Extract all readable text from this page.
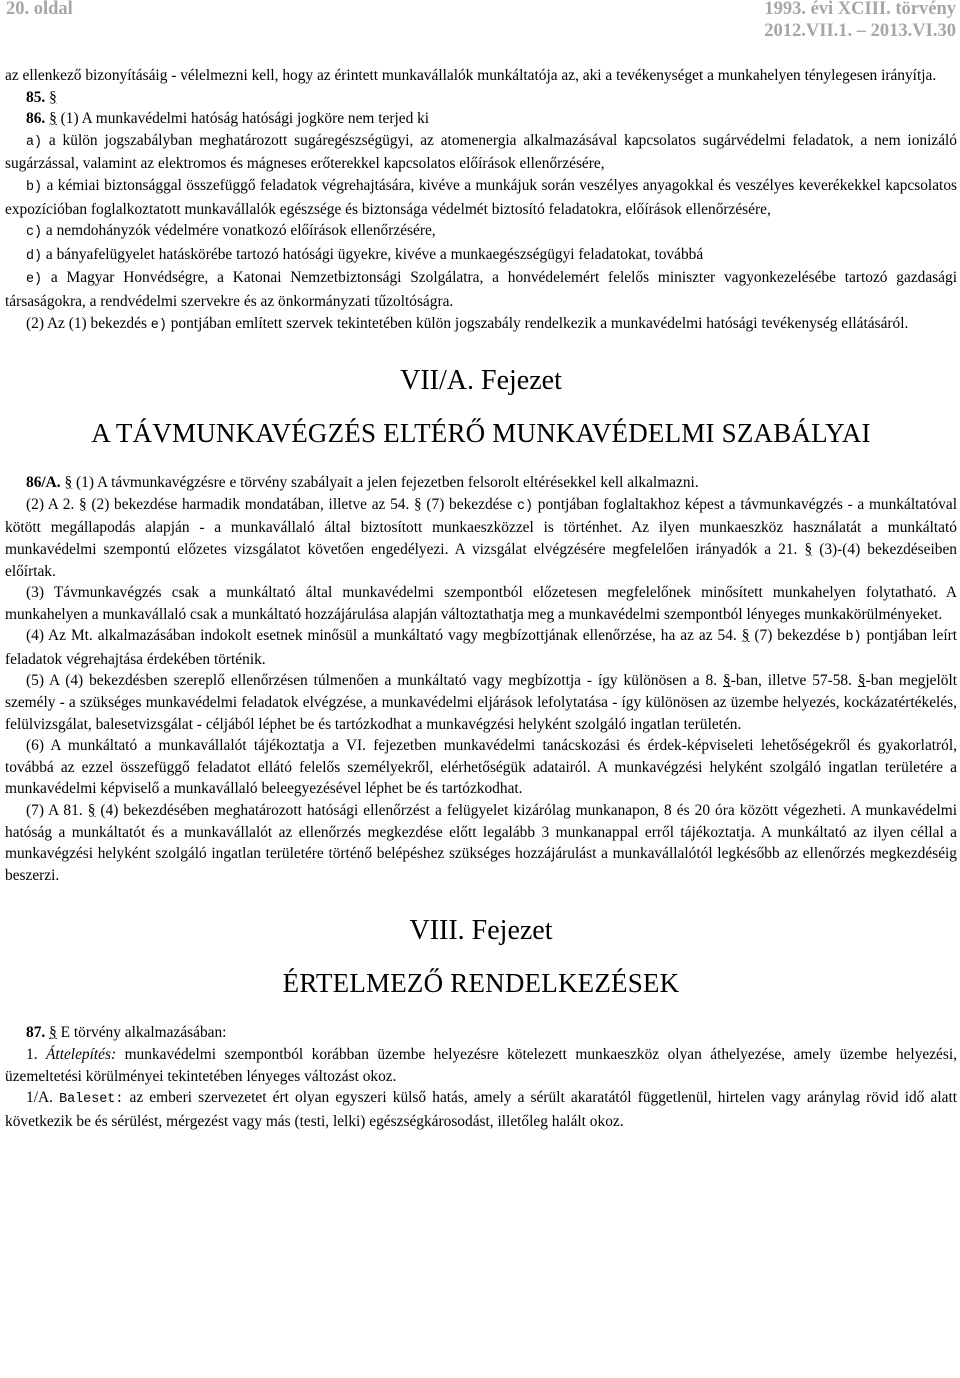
20. oldal	1993. évi XCIII. törvény
2012.VII.1. – 2013.VI.30

az ellenkező bizonyításáig - vélelmezni kell, hogy az érintett munkavállalók munkáltatója az, aki a tevékenységet a munkahelyen ténylegesen irányítja.

85. §

86. § (1) A munkavédelmi hatóság hatósági jogköre nem terjed ki

a) a külön jogszabályban meghatározott sugáregészségügyi, az atomenergia alkalmazásával kapcsolatos sugárvédelmi feladatok, a nem ionizáló sugárzással, valamint az elektromos és mágneses erőterekkel kapcsolatos előírások ellenőrzésére,

b) a kémiai biztonsággal összefüggő feladatok végrehajtására, kivéve a munkájuk során veszélyes anyagokkal és veszélyes keverékekkel kapcsolatos expozícióban foglalkoztatott munkavállalók egészsége és biztonsága védelmét biztosító feladatokra, előírások ellenőrzésére,

c) a nemdohányzók védelmére vonatkozó előírások ellenőrzésére,

d) a bányafelügyelet hatáskörébe tartozó hatósági ügyekre, kivéve a munkaegészségügyi feladatokat, továbbá

e) a Magyar Honvédségre, a Katonai Nemzetbiztonsági Szolgálatra, a honvédelemért felelős miniszter vagyonkezelésébe tartozó gazdasági társaságokra, a rendvédelmi szervekre és az önkormányzati tűzoltóságra.

(2) Az (1) bekezdés e) pontjában említett szervek tekintetében külön jogszabály rendelkezik a munkavédelmi hatósági tevékenység ellátásáról.

VII/A. Fejezet
A TÁVMUNKAVÉGZÉS ELTÉRŐ MUNKAVÉDELMI SZABÁLYAI

86/A. § (1) A távmunkavégzésre e törvény szabályait a jelen fejezetben felsorolt eltérésekkel kell alkalmazni.

(2) A 2. § (2) bekezdése harmadik mondatában, illetve az 54. § (7) bekezdése c) pontjában foglaltakhoz képest a távmunkavégzés - a munkáltatóval kötött megállapodás alapján - a munkavállaló által biztosított munkaeszközzel is történhet. Az ilyen munkaeszköz használatát a munkáltató munkavédelmi szempontú előzetes vizsgálatot követően engedélyezi. A vizsgálat elvégzésére megfelelően irányadók a 21. § (3)-(4) bekezdéseiben előírtak.

(3) Távmunkavégzés csak a munkáltató által munkavédelmi szempontból előzetesen megfelelőnek minősített munkahelyen folytatható. A munkahelyen a munkavállaló csak a munkáltató hozzájárulása alapján változtathatja meg a munkavédelmi szempontból lényeges munkakörülményeket.

(4) Az Mt. alkalmazásában indokolt esetnek minősül a munkáltató vagy megbízottjának ellenőrzése, ha az az 54. § (7) bekezdése b) pontjában leírt feladatok végrehajtása érdekében történik.

(5) A (4) bekezdésben szereplő ellenőrzésen túlmenően a munkáltató vagy megbízottja - így különösen a 8. §-ban, illetve 57-58. §-ban megjelölt személy - a szükséges munkavédelmi feladatok elvégzése, a munkavédelmi eljárások lefolytatása - így különösen az üzembe helyezés, kockázatértékelés, felülvizsgálat, balesetvizsgálat - céljából léphet be és tartózkodhat a munkavégzési helyként szolgáló ingatlan területén.

(6) A munkáltató a munkavállalót tájékoztatja a VI. fejezetben munkavédelmi tanácskozási és érdek-képviseleti lehetőségekről és gyakorlatról, továbbá az ezzel összefüggő feladatot ellátó felelős személyekről, elérhetőségük adatairól. A munkavégzési helyként szolgáló ingatlan területére a munkavédelmi képviselő a munkavállaló beleegyezésével léphet be és tartózkodhat.

(7) A 81. § (4) bekezdésében meghatározott hatósági ellenőrzést a felügyelet kizárólag munkanapon, 8 és 20 óra között végezheti. A munkavédelmi hatóság a munkáltatót és a munkavállalót az ellenőrzés megkezdése előtt legalább 3 munkanappal erről tájékoztatja. A munkáltató az ilyen céllal a munkavégzési helyként szolgáló ingatlan területére történő belépéshez szükséges hozzájárulást a munkavállalótól legkésőbb az ellenőrzés megkezdéséig beszerzi.

VIII. Fejezet
ÉRTELMEZŐ RENDELKEZÉSEK

87. § E törvény alkalmazásában:

1. Áttelepítés: munkavédelmi szempontból korábban üzembe helyezésre kötelezett munkaeszköz olyan áthelyezése, amely üzembe helyezési, üzemeltetési körülményei tekintetében lényeges változást okoz.

1/A. Baleset: az emberi szervezetet ért olyan egyszeri külső hatás, amely a sérült akaratától függetlenül, hirtelen vagy aránylag rövid idő alatt következik be és sérülést, mérgezést vagy más (testi, lelki) egészségkárosodást, illetőleg halált okoz.
